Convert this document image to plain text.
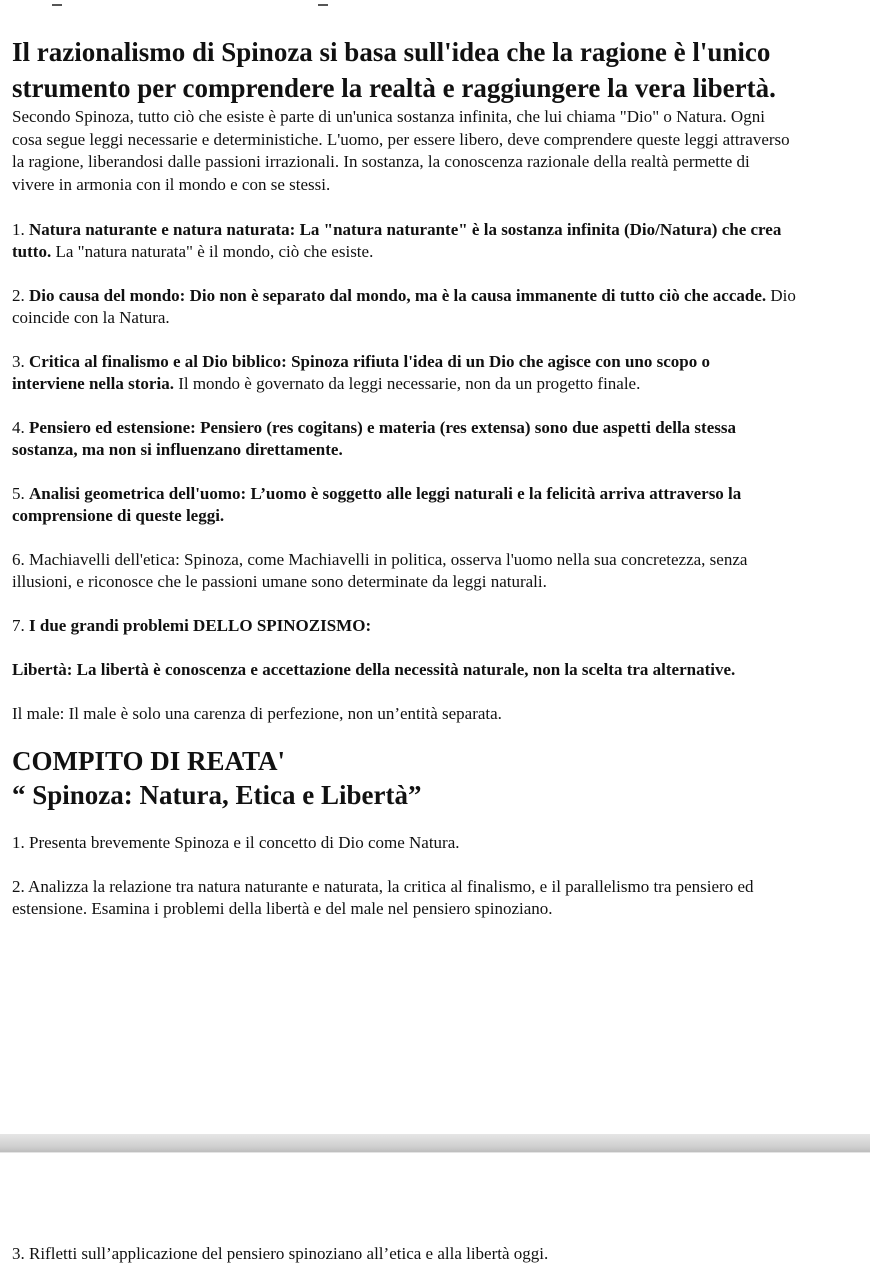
Il razionalismo di Spinoza si basa sull'idea che la ragione è l'unico strumento per comprendere la realtà e raggiungere la vera libertà. Secondo Spinoza, tutto ciò che esiste è parte di un'unica sostanza infinita, che lui chiama "Dio" o Natura. Ogni cosa segue leggi necessarie e deterministiche. L'uomo, per essere libero, deve comprendere queste leggi attraverso la ragione, liberandosi dalle passioni irrazionali. In sostanza, la conoscenza razionale della realtà permette di vivere in armonia con il mondo e con se stessi.

1. Natura naturante e natura naturata: La "natura naturante" è la sostanza infinita (Dio/Natura) che crea tutto. La "natura naturata" è il mondo, ciò che esiste.

2. Dio causa del mondo: Dio non è separato dal mondo, ma è la causa immanente di tutto ciò che accade. Dio coincide con la Natura.

3. Critica al finalismo e al Dio biblico: Spinoza rifiuta l'idea di un Dio che agisce con uno scopo o interviene nella storia. Il mondo è governato da leggi necessarie, non da un progetto finale.

4. Pensiero ed estensione: Pensiero (res cogitans) e materia (res extensa) sono due aspetti della stessa sostanza, ma non si influenzano direttamente.

5. Analisi geometrica dell'uomo: L’uomo è soggetto alle leggi naturali e la felicità arriva attraverso la comprensione di queste leggi.

6. Machiavelli dell'etica: Spinoza, come Machiavelli in politica, osserva l'uomo nella sua concretezza, senza illusioni, e riconosce che le passioni umane sono determinate da leggi naturali.

7. I due grandi problemi DELLO SPINOZISMO:

Libertà: La libertà è conoscenza e accettazione della necessità naturale, non la scelta tra alternative.

Il male: Il male è solo una carenza di perfezione, non un’entità separata.

COMPITO DI REATA'
“ Spinoza: Natura, Etica e Libertà”

1. Presenta brevemente Spinoza e il concetto di Dio come Natura.

2. Analizza la relazione tra natura naturante e naturata, la critica al finalismo, e il parallelismo tra pensiero ed estensione. Esamina i problemi della libertà e del male nel pensiero spinoziano.

3. Rifletti sull’applicazione del pensiero spinoziano all’etica e alla libertà oggi.
